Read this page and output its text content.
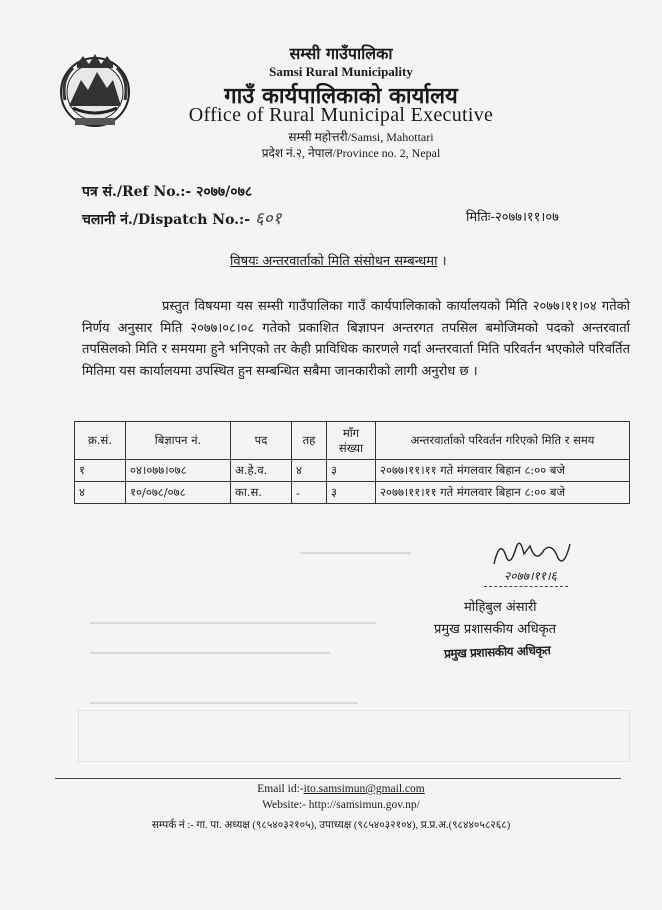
▁▁▁▁▁▁▁▁▁▁▁▁
▁▁▁▁▁▁▁▁▁▁▁▁▁▁▁▁▁▁▁▁▁▁▁▁▁▁▁▁▁▁▁
▁▁▁▁▁▁▁▁▁▁▁▁▁▁▁▁▁▁▁▁▁▁▁▁▁▁
▁▁▁▁▁▁▁▁▁▁▁▁▁▁▁▁▁▁▁▁▁▁▁▁▁▁▁▁▁
सम्सी गाउँपालिका
Samsi Rural Municipality
गाउँ कार्यपालिकाको कार्यालय
Office of Rural Municipal Executive
सम्सी महोत्तरी/Samsi, Mahottari
प्रदेश नं.२, नेपाल/Province no. 2, Nepal
पत्र सं./Ref No.:- २०७७/०७८
चलानी नं./Dispatch No.:- ६०१	मितिः-२०७७।११।०७
विषयः अन्तरवार्ताको मिति संसोधन सम्बन्धमा ।
प्रस्तुत विषयमा यस सम्सी गाउँपालिका गाउँ कार्यपालिकाको कार्यालयको मिति २०७७।११।०४ गतेको निर्णय अनुसार मिति २०७७।०८।०८ गतेको प्रकाशित बिज्ञापन अन्तरगत तपसिल बमोजिमको पदको अन्तरवार्ता तपसिलको मिति र समयमा हुने भनिएको तर केही प्राविधिक कारणले गर्दा अन्तरवार्ता मिति परिवर्तन भएकोले परिवर्तित मितिमा यस कार्यालयमा उपस्थित हुन सम्बन्धित सबैमा जानकारीको लागी अनुरोध छ ।
क्र.सं.	बिज्ञापन नं.	पद	तह	माँग संख्या	अन्तरवार्ताको परिवर्तन गरिएको मिति र समय
१	०४।०७७।०७८	अ.हे.व.	४	३	२०७७।११।११ गते मंगलवार बिहान ८:०० बजे
४	१०/०७८/०७८	का.स.	-	३	२०७७।११।११ गते मंगलवार बिहान ८:०० बजे
२०७७।११।६
मोहिबुल अंसारी
प्रमुख प्रशासकीय अधिकृत
प्रमुख प्रशासकीय अधिकृत
Email id:-ito.samsimun@gmail.com
Website:- http://samsimun.gov.np/
सम्पर्क नं :- गा. पा. अध्यक्ष (९८५४०३२१०५), उपाध्यक्ष (९८५४०३२१०४), प्र.प्र.अ.(९८४४०५८२६८)
